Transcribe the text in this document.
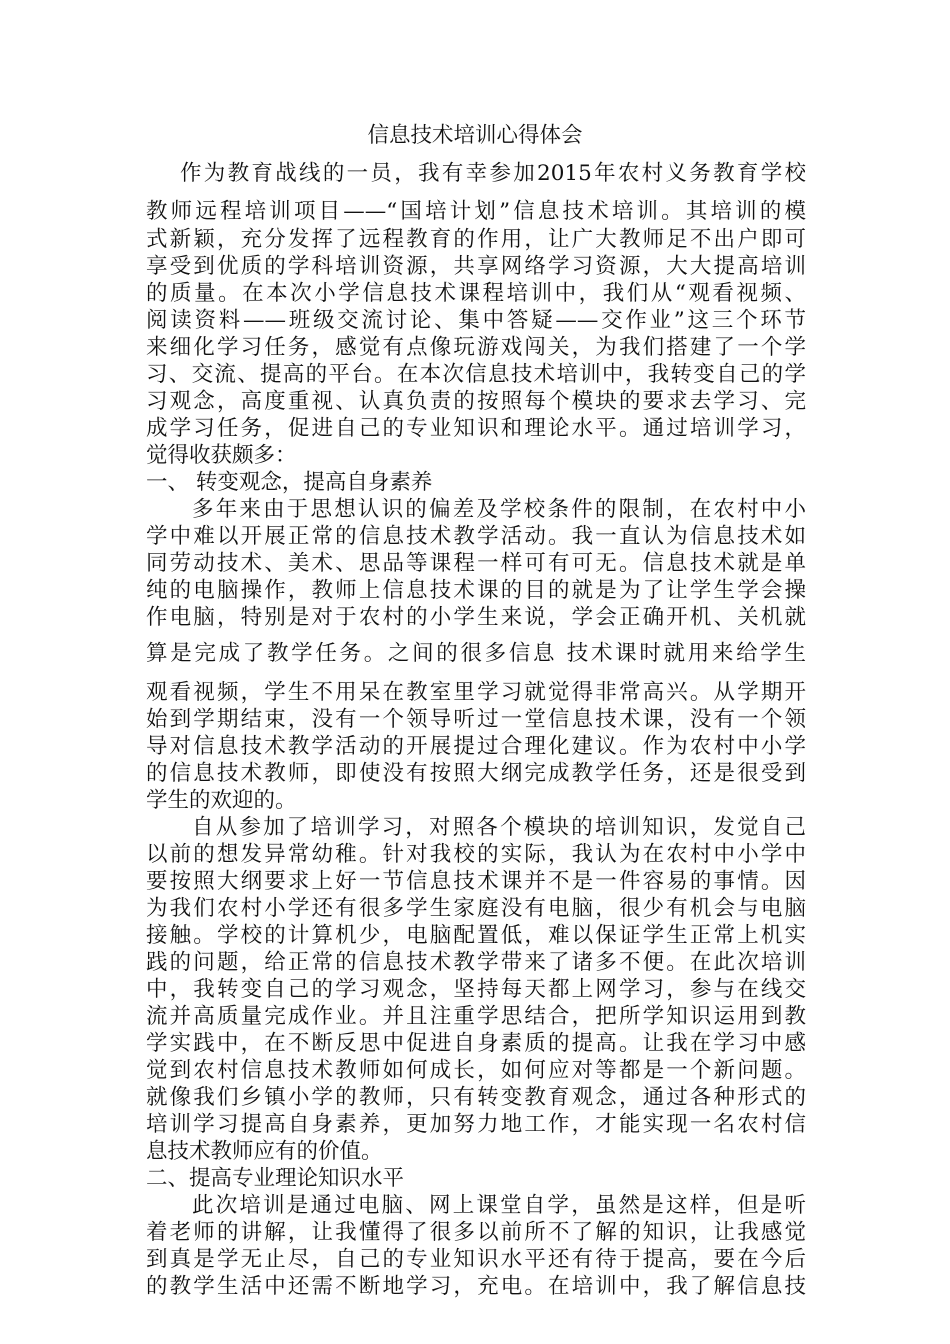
信息技术培训心得体会
作为教育战线的一员，我有幸参加2015年农村义务教育学校
教师远程培训项目——“国培计划”信息技术培训。其培训的模
式新颖，充分发挥了远程教育的作用，让广大教师足不出户即可
享受到优质的学科培训资源，共享网络学习资源，大大提高培训
的质量。在本次小学信息技术课程培训中，我们从“观看视频、
阅读资料——班级交流讨论、集中答疑——交作业”这三个环节
来细化学习任务，感觉有点像玩游戏闯关，为我们搭建了一个学
习、交流、提高的平台。在本次信息技术培训中，我转变自己的学
习观念，高度重视、认真负责的按照每个模块的要求去学习、完
成学习任务，促进自己的专业知识和理论水平。通过培训学习，
觉得收获颇多：
一、 转变观念，提高自身素养
多年来由于思想认识的偏差及学校条件的限制，在农村中小
学中难以开展正常的信息技术教学活动。我一直认为信息技术如
同劳动技术、美术、思品等课程一样可有可无。信息技术就是单
纯的电脑操作，教师上信息技术课的目的就是为了让学生学会操
作电脑，特别是对于农村的小学生来说，学会正确开机、关机就
算是完成了教学任务。之间的很多信息 技术课时就用来给学生
观看视频，学生不用呆在教室里学习就觉得非常高兴。从学期开
始到学期结束，没有一个领导听过一堂信息技术课，没有一个领
导对信息技术教学活动的开展提过合理化建议。作为农村中小学
的信息技术教师，即使没有按照大纲完成教学任务，还是很受到
学生的欢迎的。
自从参加了培训学习，对照各个模块的培训知识，发觉自己
以前的想发异常幼稚。针对我校的实际，我认为在农村中小学中
要按照大纲要求上好一节信息技术课并不是一件容易的事情。因
为我们农村小学还有很多学生家庭没有电脑，很少有机会与电脑
接触。学校的计算机少，电脑配置低，难以保证学生正常上机实
践的问题，给正常的信息技术教学带来了诸多不便。在此次培训
中，我转变自己的学习观念，坚持每天都上网学习，参与在线交
流并高质量完成作业。并且注重学思结合，把所学知识运用到教
学实践中，在不断反思中促进自身素质的提高。让我在学习中感
觉到农村信息技术教师如何成长，如何应对等都是一个新问题。
就像我们乡镇小学的教师，只有转变教育观念，通过各种形式的
培训学习提高自身素养，更加努力地工作，才能实现一名农村信
息技术教师应有的价值。
二、提高专业理论知识水平
此次培训是通过电脑、网上课堂自学，虽然是这样，但是听
着老师的讲解，让我懂得了很多以前所不了解的知识，让我感觉
到真是学无止尽，自己的专业知识水平还有待于提高，要在今后
的教学生活中还需不断地学习，充电。在培训中，我了解信息技
